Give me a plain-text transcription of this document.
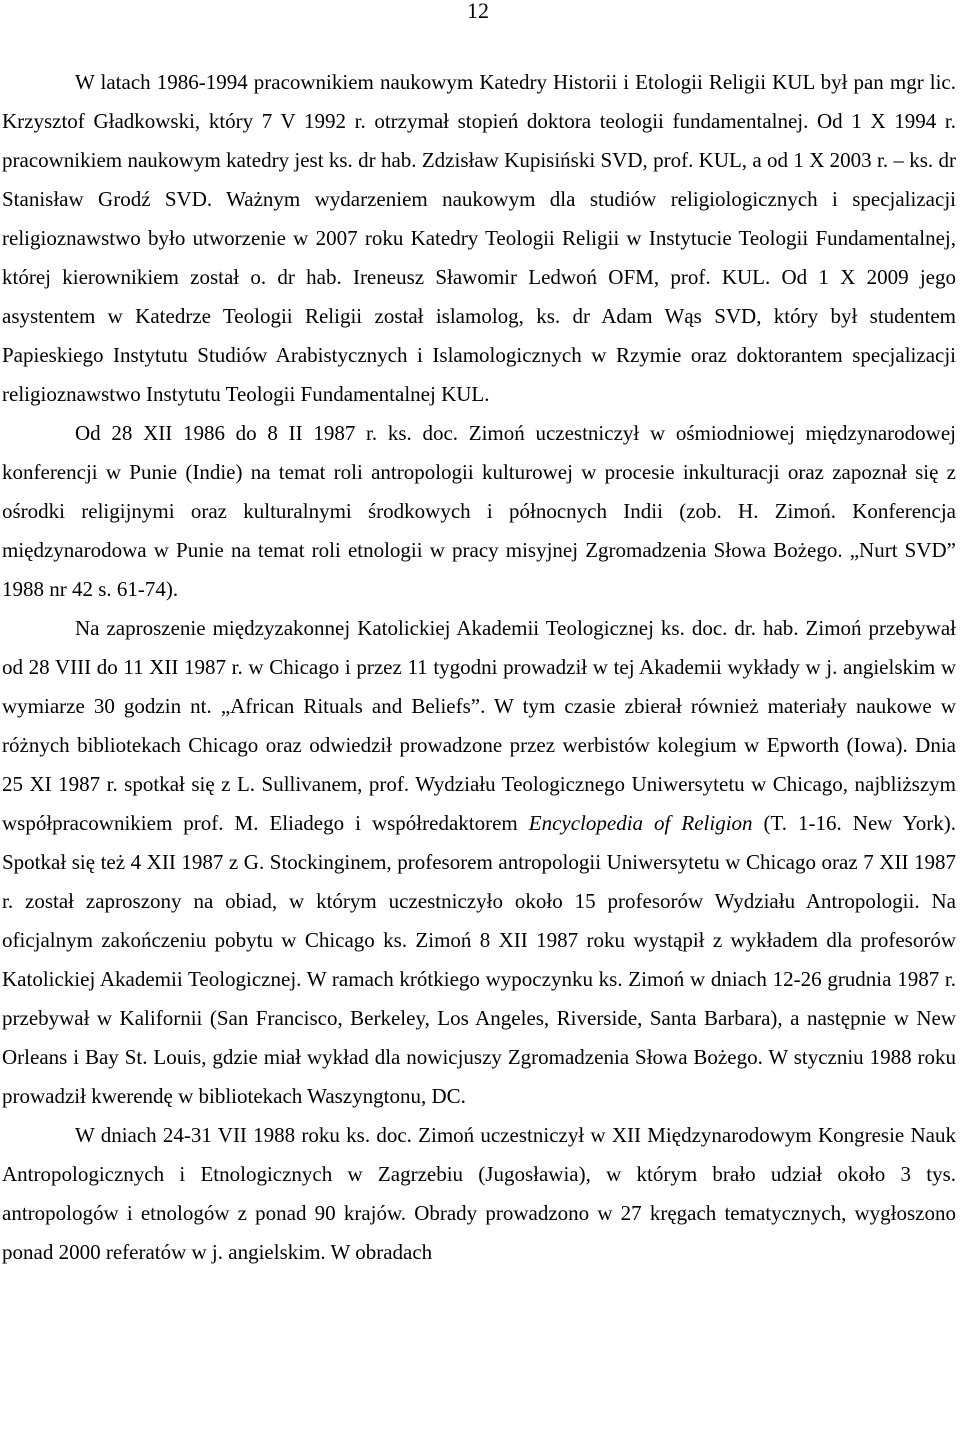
12

W latach 1986-1994 pracownikiem naukowym Katedry Historii i Etologii Religii KUL był pan mgr lic. Krzysztof Gładkowski, który 7 V 1992 r. otrzymał stopień doktora teologii fundamentalnej. Od 1 X 1994 r. pracownikiem naukowym katedry jest ks. dr hab. Zdzisław Kupisiński SVD, prof. KUL, a od 1 X 2003 r. – ks. dr Stanisław Grodź SVD. Ważnym wydarzeniem naukowym dla studiów religiologicznych i specjalizacji religioznawstwo było utworzenie w 2007 roku Katedry Teologii Religii w Instytucie Teologii Fundamentalnej, której kierownikiem został o. dr hab. Ireneusz Sławomir Ledwoń OFM, prof. KUL. Od 1 X 2009 jego asystentem w Katedrze Teologii Religii został islamolog, ks. dr Adam Wąs SVD, który był studentem Papieskiego Instytutu Studiów Arabistycznych i Islamologicznych w Rzymie oraz doktorantem specjalizacji religioznawstwo Instytutu Teologii Fundamentalnej KUL.

Od 28 XII 1986 do 8 II 1987 r. ks. doc. Zimoń uczestniczył w ośmiodniowej międzynarodowej konferencji w Punie (Indie) na temat roli antropologii kulturowej w procesie inkulturacji oraz zapoznał się z ośrodki religijnymi oraz kulturalnymi środkowych i północnych Indii (zob. H. Zimoń. Konferencja międzynarodowa w Punie na temat roli etnologii w pracy misyjnej Zgromadzenia Słowa Bożego. „Nurt SVD” 1988 nr 42 s. 61-74).

Na zaproszenie międzyzakonnej Katolickiej Akademii Teologicznej ks. doc. dr. hab. Zimoń przebywał od 28 VIII do 11 XII 1987 r. w Chicago i przez 11 tygodni prowadził w tej Akademii wykłady w j. angielskim w wymiarze 30 godzin nt. „African Rituals and Beliefs”. W tym czasie zbierał również materiały naukowe w różnych bibliotekach Chicago oraz odwiedził prowadzone przez werbistów kolegium w Epworth (Iowa). Dnia 25 XI 1987 r. spotkał się z L. Sullivanem, prof. Wydziału Teologicznego Uniwersytetu w Chicago, najbliższym współpracownikiem prof. M. Eliadego i współredaktorem Encyclopedia of Religion (T. 1-16. New York). Spotkał się też 4 XII 1987 z G. Stockinginem, profesorem antropologii Uniwersytetu w Chicago oraz 7 XII 1987 r. został zaproszony na obiad, w którym uczestniczyło około 15 profesorów Wydziału Antropologii. Na oficjalnym zakończeniu pobytu w Chicago ks. Zimoń 8 XII 1987 roku wystąpił z wykładem dla profesorów Katolickiej Akademii Teologicznej. W ramach krótkiego wypoczynku ks. Zimoń w dniach 12-26 grudnia 1987 r. przebywał w Kalifornii (San Francisco, Berkeley, Los Angeles, Riverside, Santa Barbara), a następnie w New Orleans i Bay St. Louis, gdzie miał wykład dla nowicjuszy Zgromadzenia Słowa Bożego. W styczniu 1988 roku prowadził kwerendę w bibliotekach Waszyngtonu, DC.

W dniach 24-31 VII 1988 roku ks. doc. Zimoń uczestniczył w XII Międzynarodowym Kongresie Nauk Antropologicznych i Etnologicznych w Zagrzebiu (Jugosławia), w którym brało udział około 3 tys. antropologów i etnologów z ponad 90 krajów. Obrady prowadzono w 27 kręgach tematycznych, wygłoszono ponad 2000 referatów w j. angielskim. W obradach
